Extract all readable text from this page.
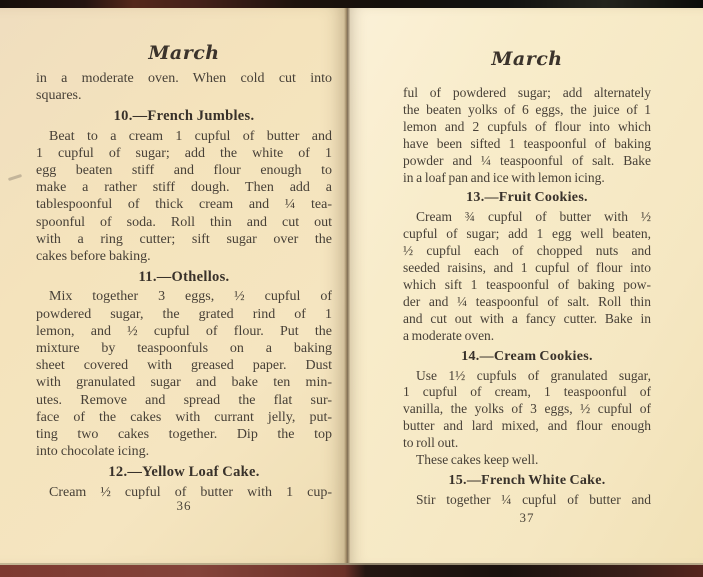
March
in a moderate oven. When cold cut into
squares.
10.—French Jumbles.
Beat to a cream 1 cupful of butter and
1 cupful of sugar; add the white of 1
egg beaten stiff and flour enough to
make a rather stiff dough. Then add a
tablespoonful of thick cream and ¼ tea-
spoonful of soda. Roll thin and cut out
with a ring cutter; sift sugar over the
cakes before baking.
11.—Othellos.
Mix together 3 eggs, ½ cupful of
powdered sugar, the grated rind of 1
lemon, and ½ cupful of flour. Put the
mixture by teaspoonfuls on a baking
sheet covered with greased paper. Dust
with granulated sugar and bake ten min-
utes. Remove and spread the flat sur-
face of the cakes with currant jelly, put-
ting two cakes together. Dip the top
into chocolate icing.
12.—Yellow Loaf Cake.
Cream ½ cupful of butter with 1 cup-
36
March
ful of powdered sugar; add alternately
the beaten yolks of 6 eggs, the juice of 1
lemon and 2 cupfuls of flour into which
have been sifted 1 teaspoonful of baking
powder and ¼ teaspoonful of salt. Bake
in a loaf pan and ice with lemon icing.
13.—Fruit Cookies.
Cream ¾ cupful of butter with ½
cupful of sugar; add 1 egg well beaten,
½ cupful each of chopped nuts and
seeded raisins, and 1 cupful of flour into
which sift 1 teaspoonful of baking pow-
der and ¼ teaspoonful of salt. Roll thin
and cut out with a fancy cutter. Bake in
a moderate oven.
14.—Cream Cookies.
Use 1½ cupfuls of granulated sugar,
1 cupful of cream, 1 teaspoonful of
vanilla, the yolks of 3 eggs, ½ cupful of
butter and lard mixed, and flour enough
to roll out.
These cakes keep well.
15.—French White Cake.
Stir together ¼ cupful of butter and
37
